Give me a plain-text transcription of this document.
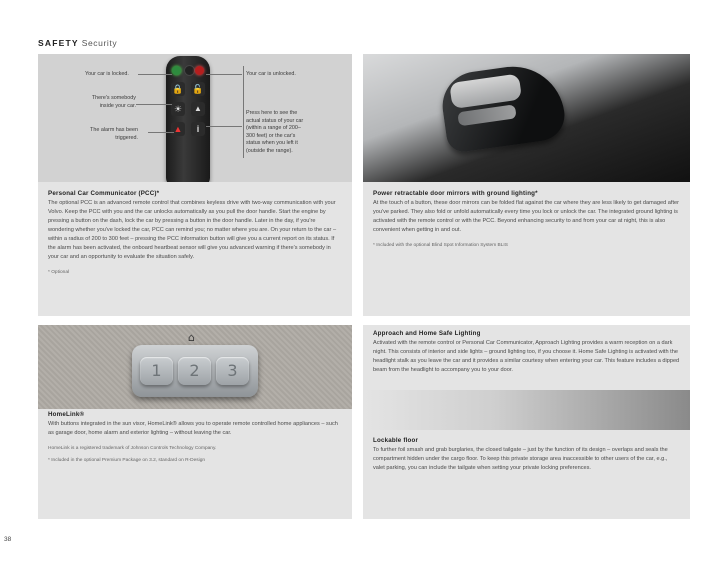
SAFETY Security
🔒 🔓
☀	▲
▲	i
Your car is locked.	Your car is unlocked.
There's somebody
inside your car.
The alarm has been
triggered.
Press here to see the
actual status of your car
(within a range of 200–
300 feet) or the car's
status when you left it
(outside the range).
Personal Car Communicator (PCC)*

The optional PCC is an advanced remote control that combines keyless drive with two-way communication with your Volvo. Keep the PCC with you and the car unlocks automatically as you pull the door handle. Start the engine by pressing a button on the dash, lock the car by pressing a button in the door handle. Later in the day, if you're wondering whether you've locked the car, PCC can remind you; no matter where you are. On your return to the car – within a radius of 200 to 300 feet – pressing the PCC information button will give you a current report on its status. If the alarm has been activated, the onboard heartbeat sensor will give you advanced warning if there's somebody in your car and an opportunity to evaluate the situation safely.

* Optional

Power retractable door mirrors with ground lighting*

At the touch of a button, these door mirrors can be folded flat against the car where they are less likely to get damaged after you've parked. They also fold or unfold automatically every time you lock or unlock the car. The integrated ground lighting is activated with the remote control or with the PCC. Beyond enhancing security to and from your car at night, this is also convenient when getting in and out.

* Included with the optional Blind Spot Information System BLIS

⌂
1	2	3
HomeLink®

With buttons integrated in the sun visor, HomeLink® allows you to operate remote controlled home appliances – such as garage door, home alarm and exterior lighting – without leaving the car.

HomeLink is a registered trademark of Johnson Controls Technology Company.

* Included in the optional Premium Package on 3.2, standard on R-Design

Approach and Home Safe Lighting

Activated with the remote control or Personal Car Communicator, Approach Lighting provides a warm reception on a dark night. This consists of interior and side lights – ground lighting too, if you choose it. Home Safe Lighting is activated with the headlight stalk as you leave the car and it provides a similar courtesy when entering your car. This feature includes a dipped beam from the headlight to accompany you to your door.

Lockable floor

To further foil smash and grab burglaries, the closed tailgate – just by the function of its design – overlaps and seals the compartment hidden under the cargo floor. To keep this private storage area inaccessible to other users of the car, e.g., valet parking, you can include the tailgate when setting your private locking preferences.

38
